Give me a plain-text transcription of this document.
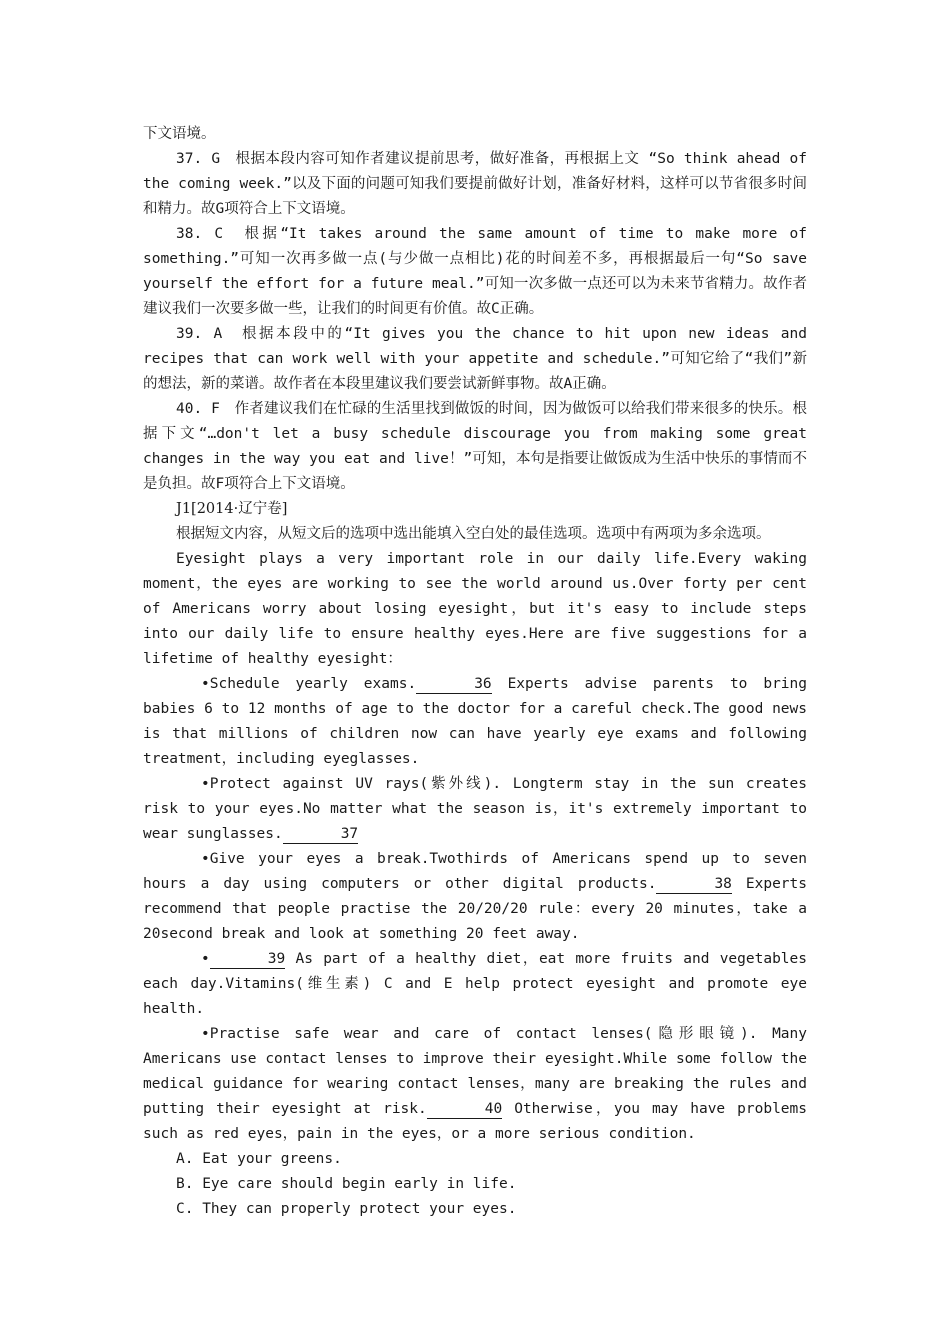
下文语境。

37. G　根据本段内容可知作者建议提前思考，做好准备，再根据上文 “So think ahead of the coming week.”以及下面的问题可知我们要提前做好计划，准备好材料，这样可以节省很多时间和精力。故G项符合上下文语境。

38. C　根据“It takes around the same amount of time to make more of something.”可知一次再多做一点(与少做一点相比)花的时间差不多，再根据最后一句“So save yourself the effort for a future meal.”可知一次多做一点还可以为未来节省精力。故作者建议我们一次要多做一些，让我们的时间更有价值。故C正确。

39. A　根据本段中的“It gives you the chance to hit upon new ideas and recipes that can work well with your appetite and schedule.”可知它给了“我们”新的想法，新的菜谱。故作者在本段里建议我们要尝试新鲜事物。故A正确。

40. F　作者建议我们在忙碌的生活里找到做饭的时间，因为做饭可以给我们带来很多的快乐。根据下文“…don't let a busy schedule discourage you from making some great changes in the way you eat and live！”可知，本句是指要让做饭成为生活中快乐的事情而不是负担。故F项符合上下文语境。

J1[2014·辽宁卷]

根据短文内容，从短文后的选项中选出能填入空白处的最佳选项。选项中有两项为多余选项。

Eyesight plays a very important role in our daily life.Every waking moment，the eyes are working to see the world around us.Over forty per cent of Americans worry about losing eyesight，but it's easy to include steps into our daily life to ensure healthy eyes.Here are five suggestions for a lifetime of healthy eyesight：

•Schedule yearly exams.	36 Experts advise parents to bring babies 6 to 12 months of age to the doctor for a careful check.The good news is that millions of children now can have yearly eye exams and following treatment，including eyeglasses.

•Protect against UV rays(紫外线). Longterm stay in the sun creates risk to your eyes.No matter what the season is，it's extremely important to wear sunglasses.	37

•Give your eyes a break.Twothirds of Americans spend up to seven hours a day using computers or other digital products.	38 Experts recommend that people practise the 20/20/20 rule：every 20 minutes，take a 20second break and look at something 20 feet away.

•	39 As part of a healthy diet，eat more fruits and vegetables each day.Vitamins(维生素) C and E help protect eyesight and promote eye health.

•Practise safe wear and care of contact lenses(隐形眼镜). Many Americans use contact lenses to improve their eyesight.While some follow the medical guidance for wearing contact lenses，many are breaking the rules and putting their eyesight at risk.	40 Otherwise，you may have problems such as red eyes，pain in the eyes，or a more serious condition.

A. Eat your greens.

B. Eye care should begin early in life.

C. They can properly protect your eyes.
